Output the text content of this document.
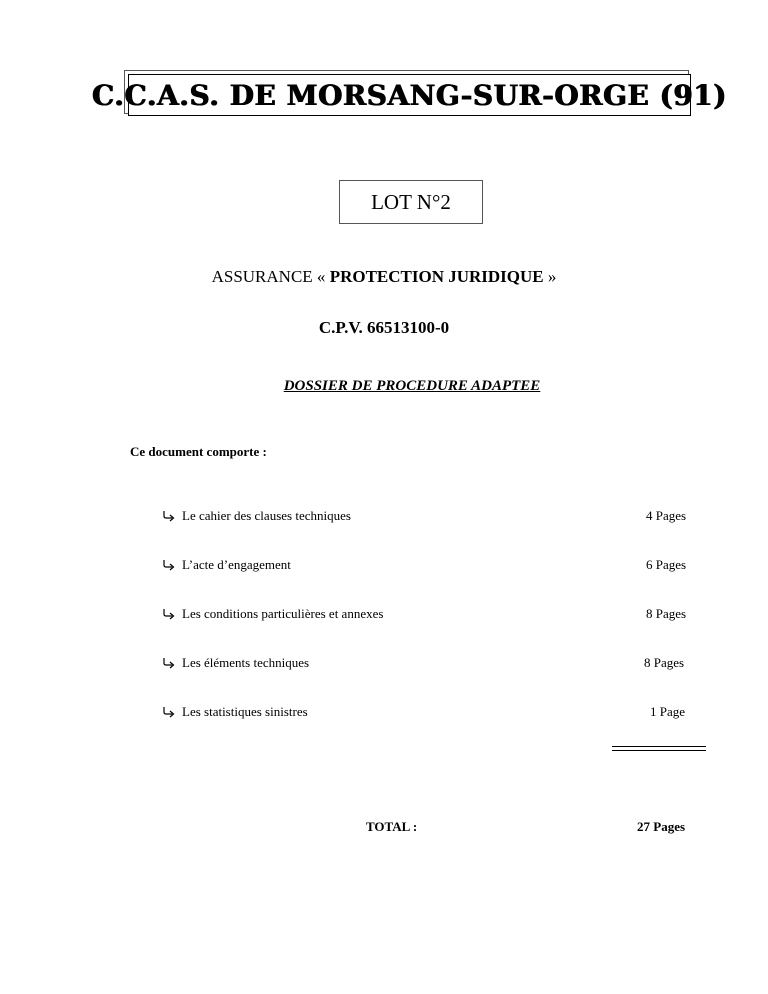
C.C.A.S. DE MORSANG-SUR-ORGE (91)
LOT N°2
ASSURANCE « PROTECTION JURIDIQUE »
C.P.V. 66513100-0
DOSSIER DE PROCEDURE ADAPTEE
Ce document comporte :
Le cahier des clauses techniques	4 Pages
L’acte d’engagement	6 Pages
Les conditions particulières et annexes	8 Pages
Les éléments techniques	8 Pages
Les statistiques sinistres	1 Page
TOTAL :	27 Pages
